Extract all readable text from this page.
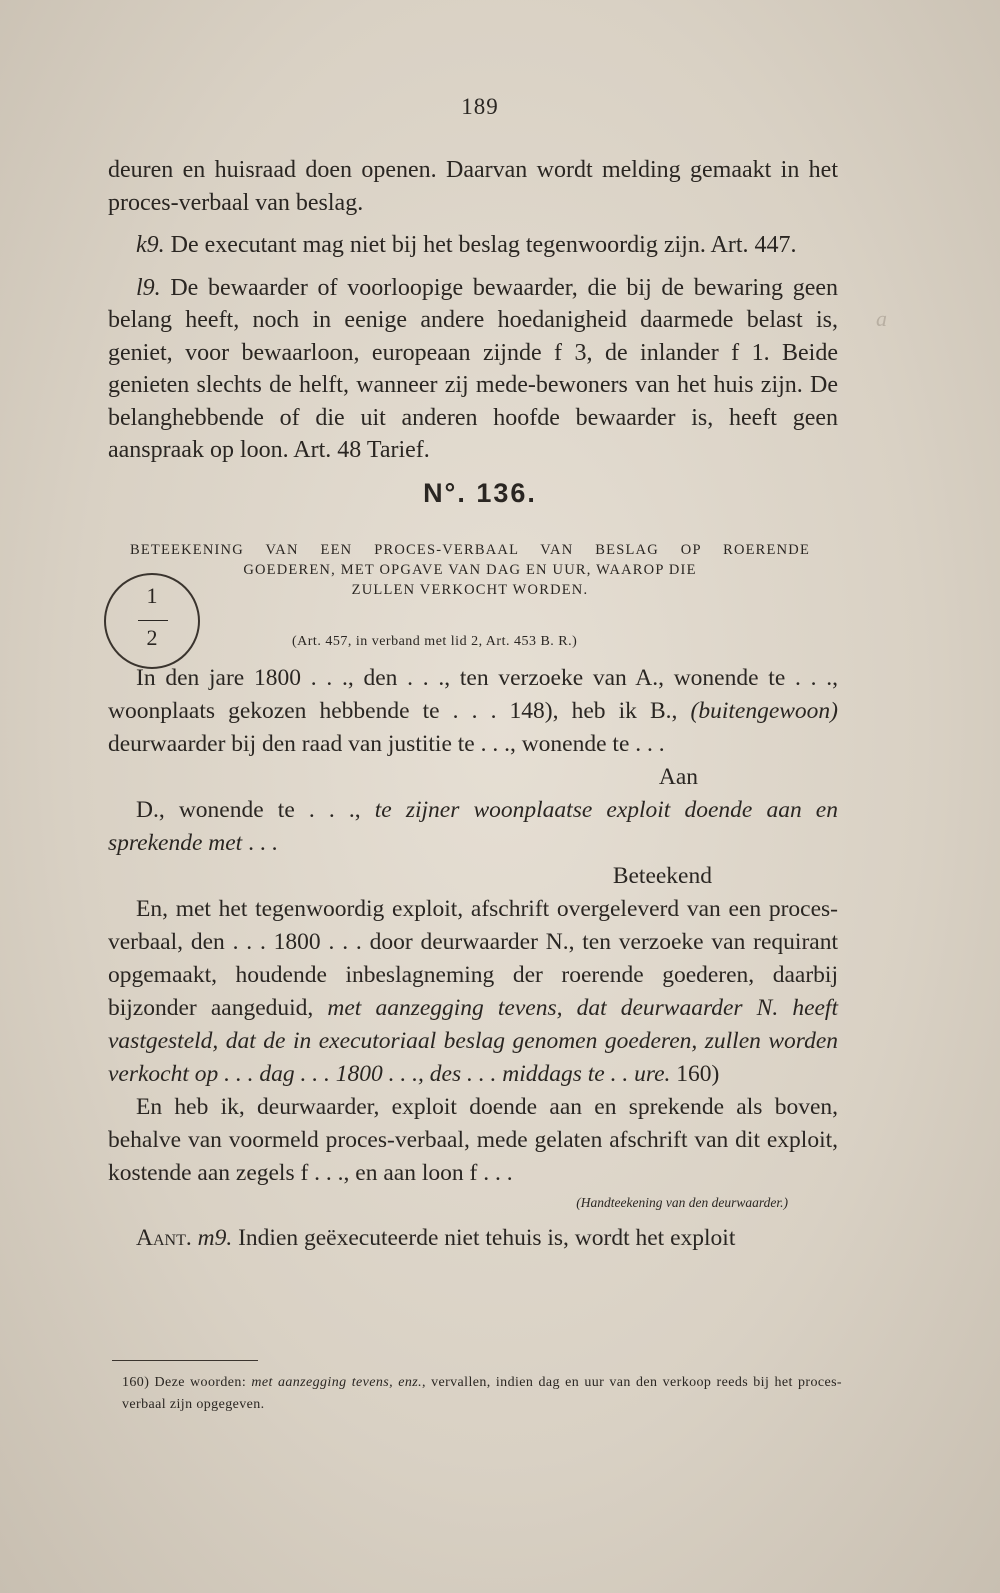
189
a

deuren en huisraad doen openen. Daarvan wordt melding gemaakt in het proces-verbaal van beslag.

k9. De executant mag niet bij het beslag tegenwoordig zijn. Art. 447.

l9. De bewaarder of voorloopige bewaarder, die bij de bewaring geen belang heeft, noch in eenige andere hoedanigheid daarmede belast is, geniet, voor bewaarloon, europeaan zijnde f 3, de inlander f 1. Beide genieten slechts de helft, wanneer zij mede-bewoners van het huis zijn. De belanghebbende of die uit anderen hoofde bewaarder is, heeft geen aanspraak op loon. Art. 48 Tarief.

N°. 136.
BETEEKENING VAN EEN PROCES-VERBAAL VAN BESLAG OP ROERENDE
GOEDEREN, MET OPGAVE VAN DAG EN UUR, WAAROP DIE
ZULLEN VERKOCHT WORDEN.
1
2	(Art. 457, in verband met lid 2, Art. 453 B. R.)

In den jare 1800 . . ., den . . ., ten verzoeke van A., wonende te . . ., woonplaats gekozen hebbende te . . . 148), heb ik B., (buitengewoon) deurwaarder bij den raad van justitie te . . ., wonende te . . .

Aan

D., wonende te . . ., te zijner woonplaatse exploit doende aan en sprekende met . . .

Beteekend

En, met het tegenwoordig exploit, afschrift overgeleverd van een proces-verbaal, den . . . 1800 . . . door deurwaarder N., ten verzoeke van requirant opgemaakt, houdende inbeslagneming der roerende goederen, daarbij bijzonder aangeduid, met aanzegging tevens, dat deurwaarder N. heeft vastgesteld, dat de in executoriaal beslag genomen goederen, zullen worden verkocht op . . . dag . . . 1800 . . ., des . . . middags te . . ure. 160)

En heb ik, deurwaarder, exploit doende aan en sprekende als boven, behalve van voormeld proces-verbaal, mede gelaten afschrift van dit exploit, kostende aan zegels f . . ., en aan loon f . . .

(Handteekening van den deurwaarder.)

Aant. m9. Indien geëxecuteerde niet tehuis is, wordt het exploit

160) Deze woorden: met aanzegging tevens, enz., vervallen, indien dag en uur van den verkoop reeds bij het proces-verbaal zijn opgegeven.
